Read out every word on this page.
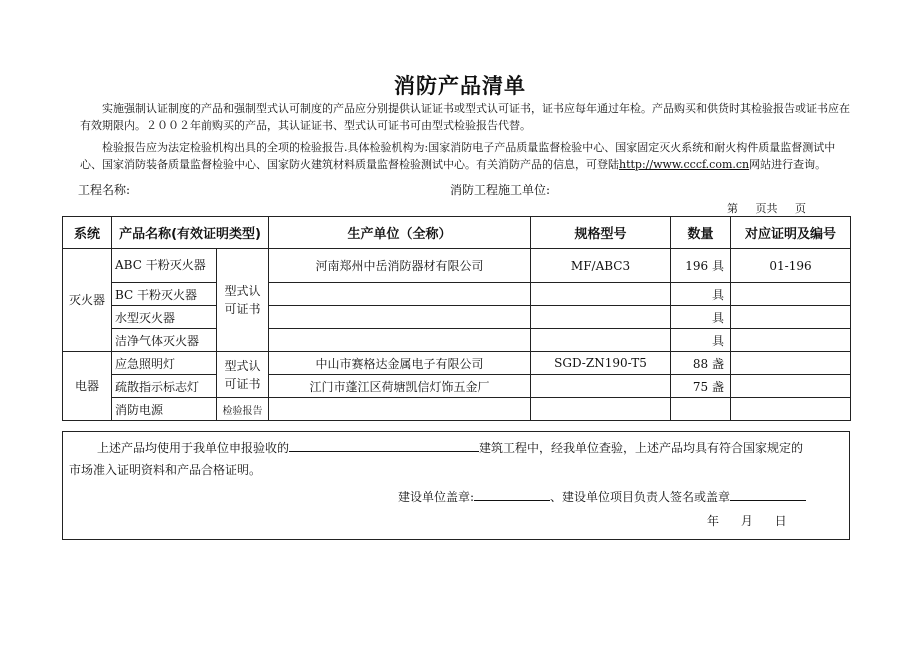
消防产品清单
实施强制认证制度的产品和强制型式认可制度的产品应分别提供认证证书或型式认可证书，证书应每年通过年检。产品购买和供货时其检验报告或证书应在有效期限内。２００２年前购买的产品，其认证证书、型式认可证书可由型式检验报告代替。
检验报告应为法定检验机构出具的全项的检验报告.具体检验机构为:国家消防电子产品质量监督检验中心、国家固定灭火系统和耐火构件质量监督测试中心、国家消防装备质量监督检验中心、国家防火建筑材料质量监督检验测试中心。有关消防产品的信息，可登陆http://www.cccf.com.cn网站进行查询。
工程名称:	消防工程施工单位:
第 页共 页
系统	产品名称(有效证明类型)		生产单位（全称）	规格型号	数量	对应证明及编号
灭火器	ABC 干粉灭火器	型式认可证书	河南郑州中岳消防器材有限公司	MF/ABC3	196 具	01-196
	BC 干粉灭火器				具	
	水型灭火器				具	
	洁净气体灭火器				具	
电器	应急照明灯	型式认可证书	中山市赛格达金属电子有限公司	SGD-ZN190-T5	88 盏	
	疏散指示标志灯		江门市蓬江区荷塘凯信灯饰五金厂		75 盏	
	消防电源	检验报告				
上述产品均使用于我单位申报验收的	建筑工程中，经我单位查验，上述产品均具有符合国家规定的
市场准入证明资料和产品合格证明。
建设单位盖章:	、建设单位项目负责人签名或盖章
年 月 日
